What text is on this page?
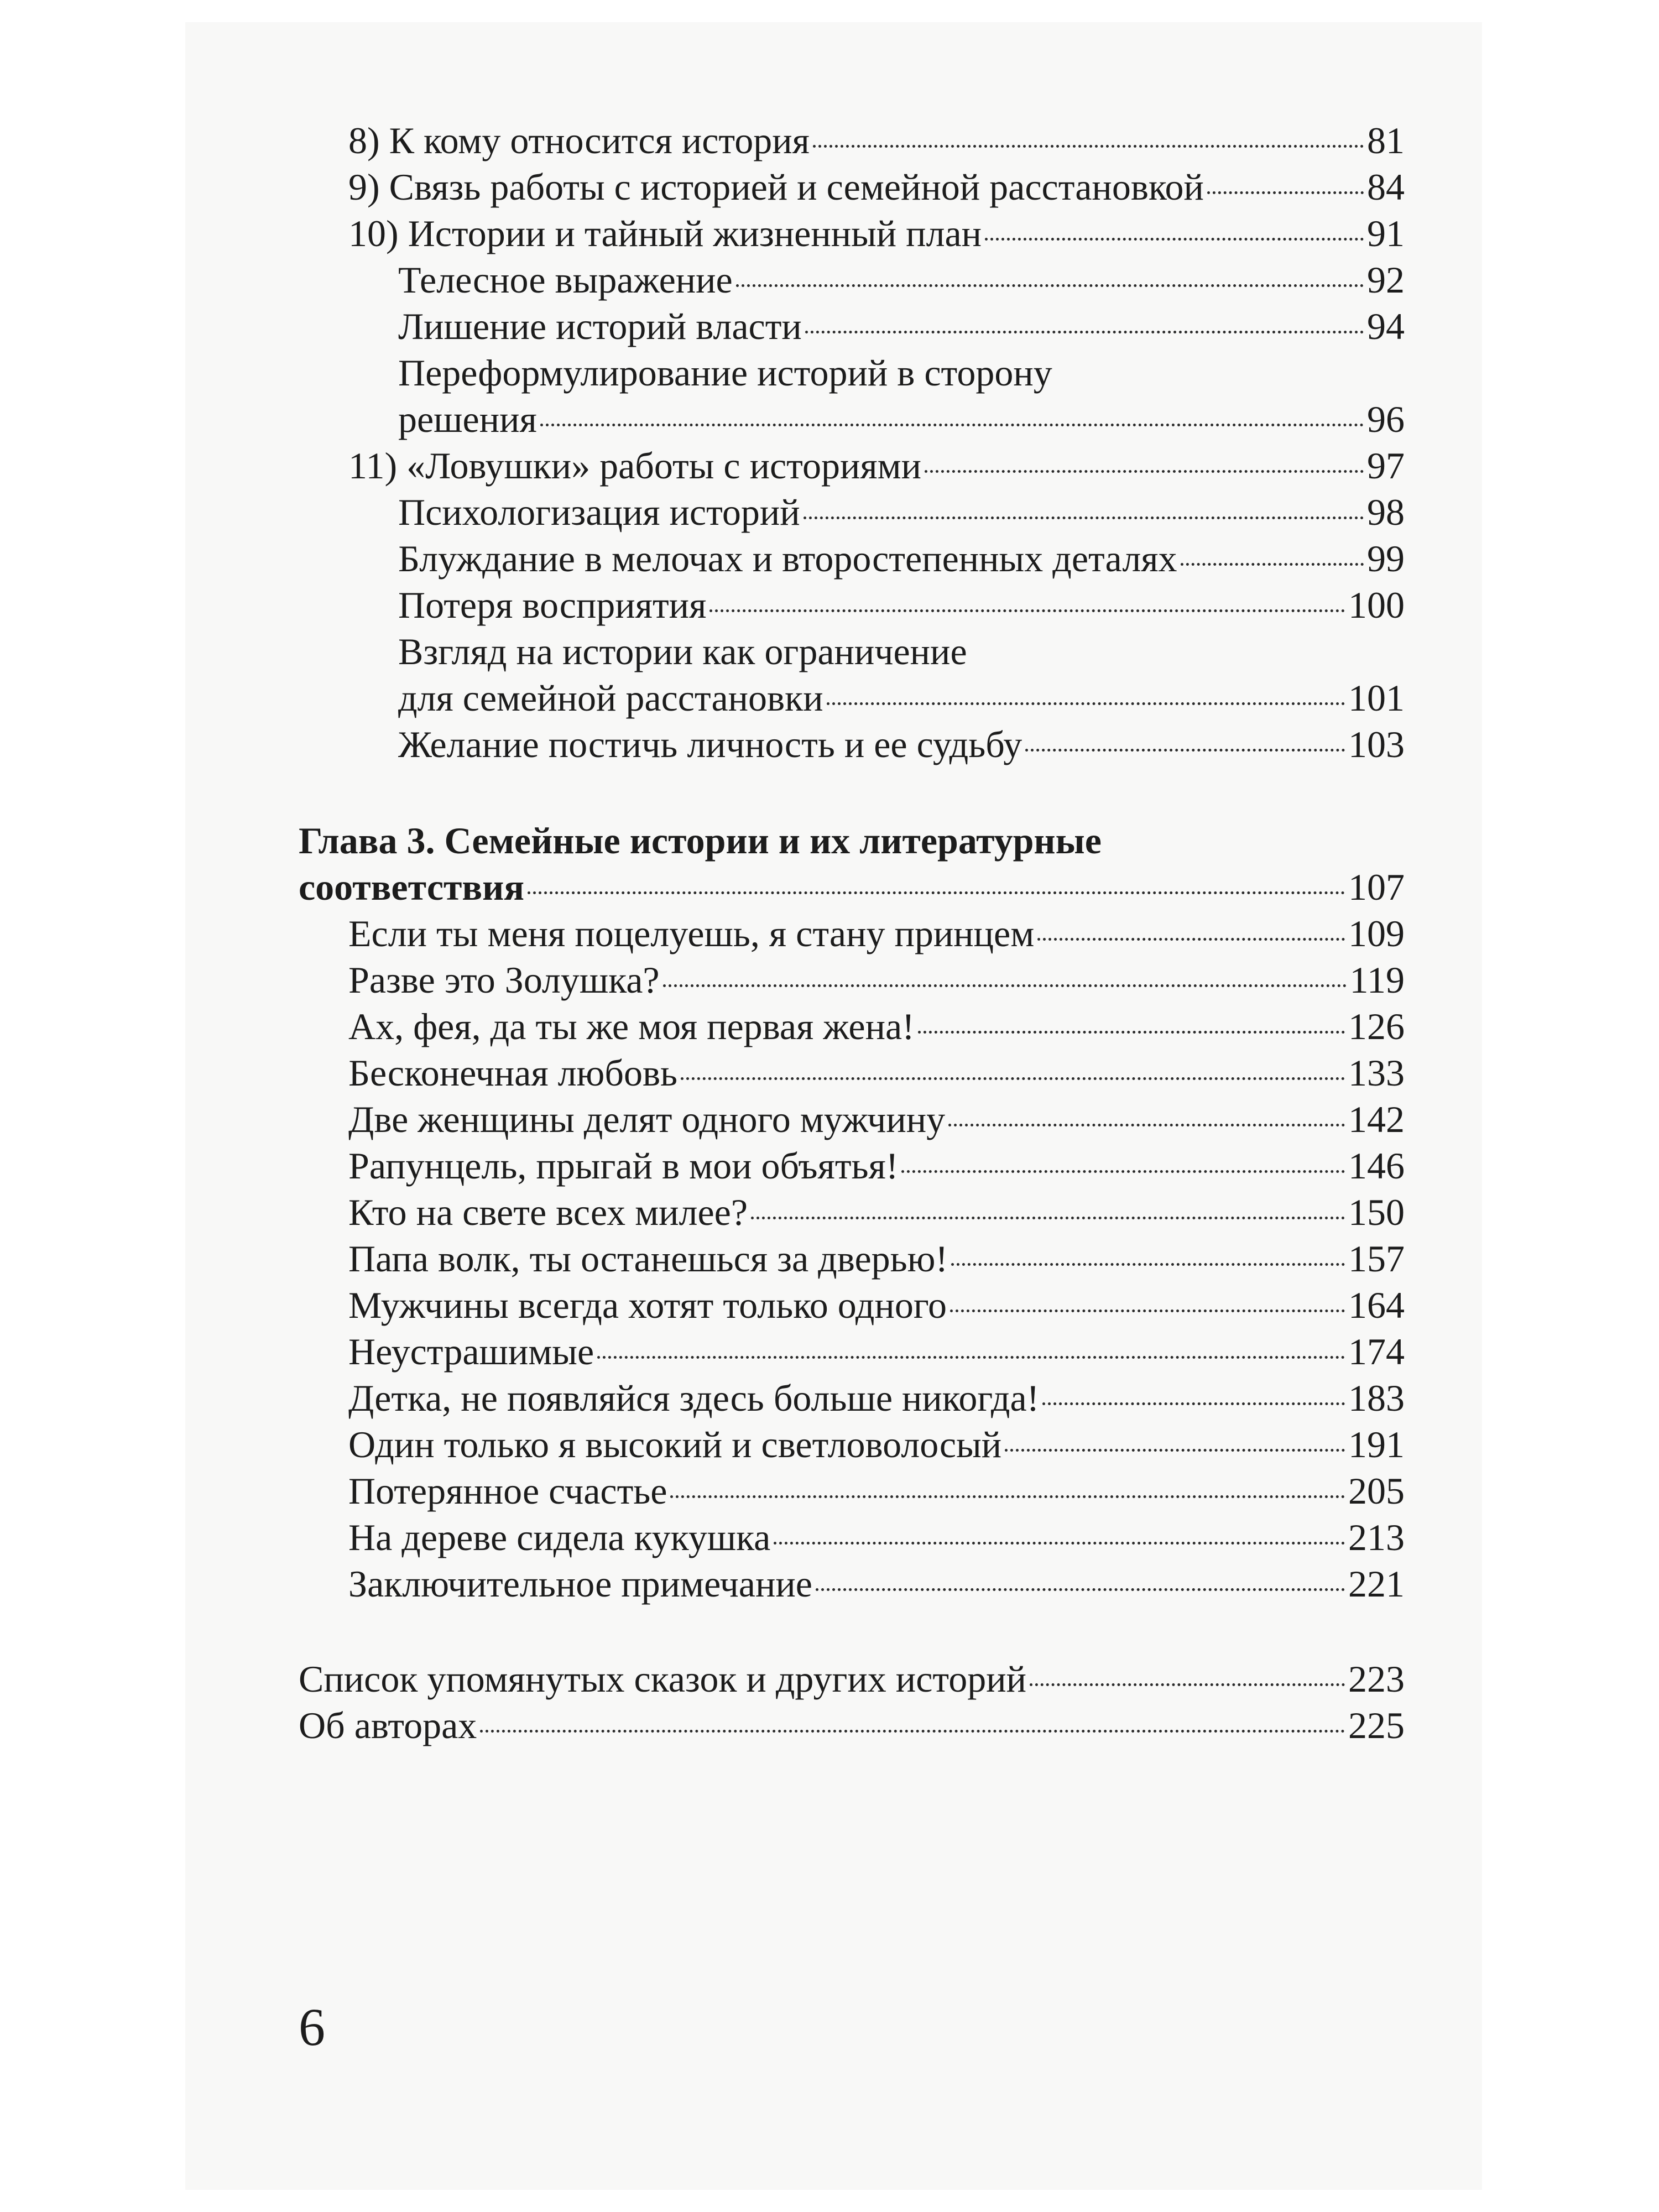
8) К кому относится история	81
9) Связь работы с историей и семейной расстановкой	84
10) Истории и тайный жизненный план	91
Телесное выражение	92
Лишение историй власти	94
Переформулирование историй в сторону
решения	96
11) «Ловушки» работы с историями	97
Психологизация историй	98
Блуждание в мелочах и второстепенных деталях	99
Потеря восприятия	100
Взгляд на истории как ограничение
для семейной расстановки	101
Желание постичь личность и ее судьбу	103
Глава 3. Семейные истории и их литературные
соответствия	107
Если ты меня поцелуешь, я стану принцем	109
Разве это Золушка?	119
Ах, фея, да ты же моя первая жена!	126
Бесконечная любовь	133
Две женщины делят одного мужчину	142
Рапунцель, прыгай в мои объятья!	146
Кто на свете всех милее?	150
Папа волк, ты останешься за дверью!	157
Мужчины всегда хотят только одного	164
Неустрашимые	174
Детка, не появляйся здесь больше никогда!	183
Один только я высокий и светловолосый	191
Потерянное счастье	205
На дереве сидела кукушка	213
Заключительное примечание	221
Список упомянутых сказок и других историй	223
Об авторах	225
6
